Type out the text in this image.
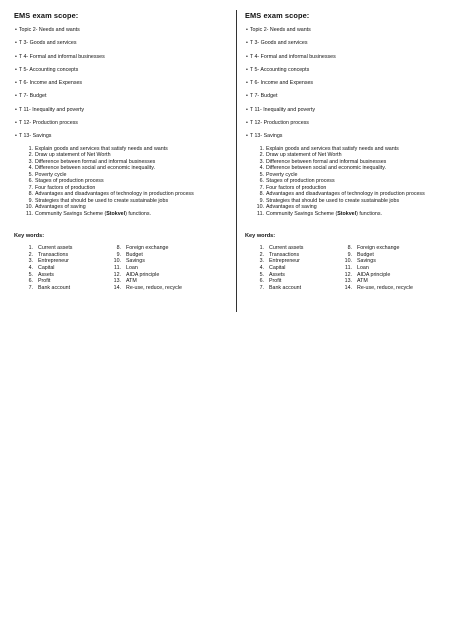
EMS exam scope:
• Topic 2- Needs and wants
• T 3- Goods and services
• T 4- Formal and informal businesses
• T 5- Accounting concepts
• T 6- Income and Expenses
• T 7- Budget
• T 11- Inequality and poverty
• T 12- Production process
• T 13- Savings
1. Explain goods and services that satisfy needs and wants
2. Draw up statement of Net Worth
3. Difference between formal and informal businesses
4. Difference between social and economic inequality.
5. Poverty cycle
6. Stages of production process
7. Four factors of production
8. Advantages and disadvantages of technology in production process
9. Strategies that should be used to create sustainable jobs
10. Advantages of saving
11. Community Savings Scheme (Stokvel) functions.
Key words:
1. Current assets
2. Transactions
3. Entrepreneur
4. Capital
5. Assets
6. Profit
7. Bank account
8. Foreign exchange
9. Budget
10. Savings
11. Loan
12. AIDA principle
13. ATM
14. Re-use, reduce, recycle
EMS exam scope:
• Topic 2- Needs and wants
• T 3- Goods and services
• T 4- Formal and informal businesses
• T 5- Accounting concepts
• T 6- Income and Expenses
• T 7- Budget
• T 11- Inequality and poverty
• T 12- Production process
• T 13- Savings
1. Explain goods and services that satisfy needs and wants
2. Draw up statement of Net Worth
3. Difference between formal and informal businesses
4. Difference between social and economic inequality.
5. Poverty cycle
6. Stages of production process
7. Four factors of production
8. Advantages and disadvantages of technology in production process
9. Strategies that should be used to create sustainable jobs
10. Advantages of saving
11. Community Savings Scheme (Stokvel) functions.
Key words:
1. Current assets
2. Transactions
3. Entrepreneur
4. Capital
5. Assets
6. Profit
7. Bank account
8. Foreign exchange
9. Budget
10. Savings
11. Loan
12. AIDA principle
13. ATM
14. Re-use, reduce, recycle
